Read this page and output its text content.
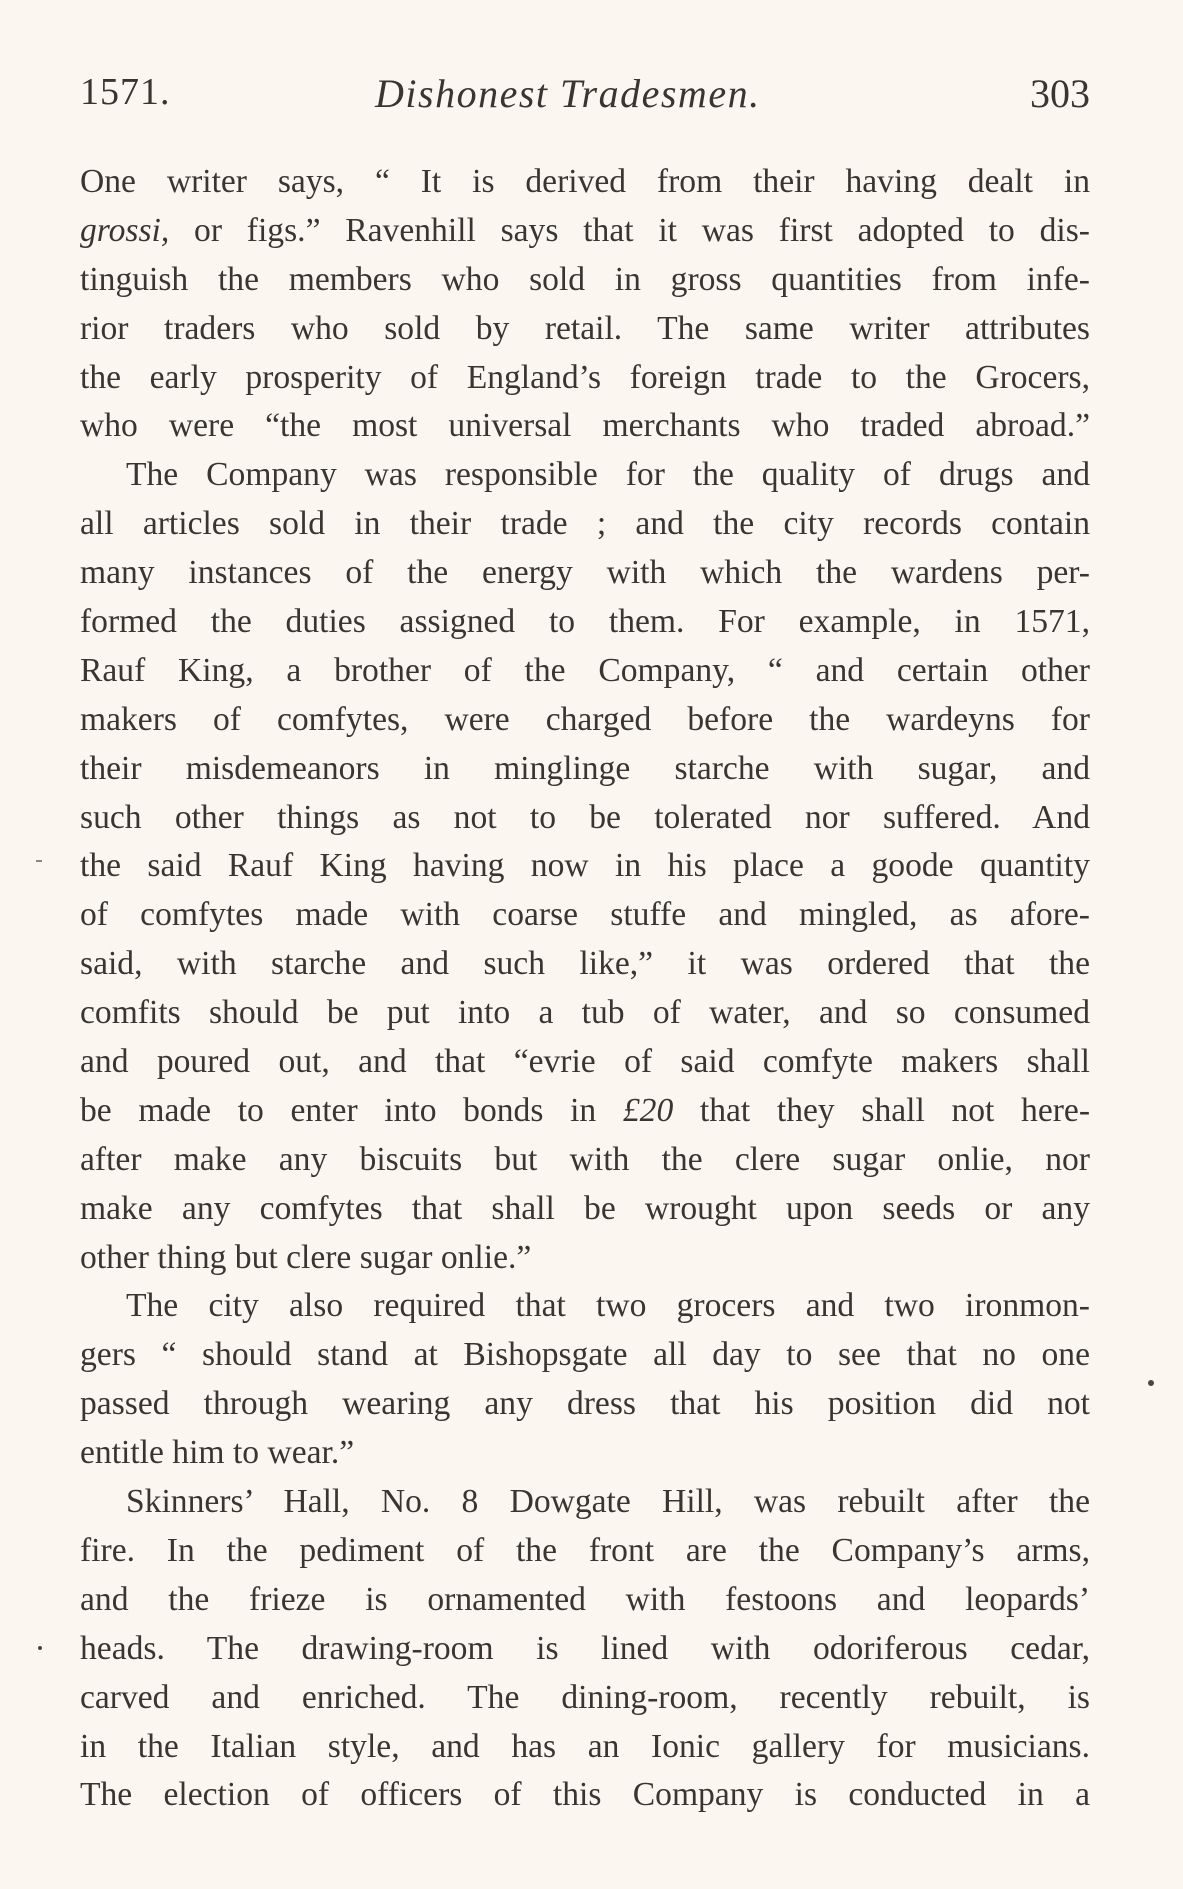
1571.	Dishonest Tradesmen.	303
One writer says, “ It is derived from their having dealt in
grossi, or figs.” Ravenhill says that it was first adopted to dis-
tinguish the members who sold in gross quantities from infe-
rior traders who sold by retail. The same writer attributes
the early prosperity of England’s foreign trade to the Grocers,
who were “the most universal merchants who traded abroad.”
The Company was responsible for the quality of drugs and
all articles sold in their trade ; and the city records contain
many instances of the energy with which the wardens per-
formed the duties assigned to them. For example, in 1571,
Rauf King, a brother of the Company, “ and certain other
makers of comfytes, were charged before the wardeyns for
their misdemeanors in minglinge starche with sugar, and
such other things as not to be tolerated nor suffered. And
the said Rauf King having now in his place a goode quantity
of comfytes made with coarse stuffe and mingled, as afore-
said, with starche and such like,” it was ordered that the
comfits should be put into a tub of water, and so consumed
and poured out, and that “evrie of said comfyte makers shall
be made to enter into bonds in £20 that they shall not here-
after make any biscuits but with the clere sugar onlie, nor
make any comfytes that shall be wrought upon seeds or any
other thing but clere sugar onlie.”
The city also required that two grocers and two ironmon-
gers “ should stand at Bishopsgate all day to see that no one
passed through wearing any dress that his position did not
entitle him to wear.”
Skinners’ Hall, No. 8 Dowgate Hill, was rebuilt after the
fire. In the pediment of the front are the Company’s arms,
and the frieze is ornamented with festoons and leopards’
heads. The drawing-room is lined with odoriferous cedar,
carved and enriched. The dining-room, recently rebuilt, is
in the Italian style, and has an Ionic gallery for musicians.
The election of officers of this Company is conducted in a
